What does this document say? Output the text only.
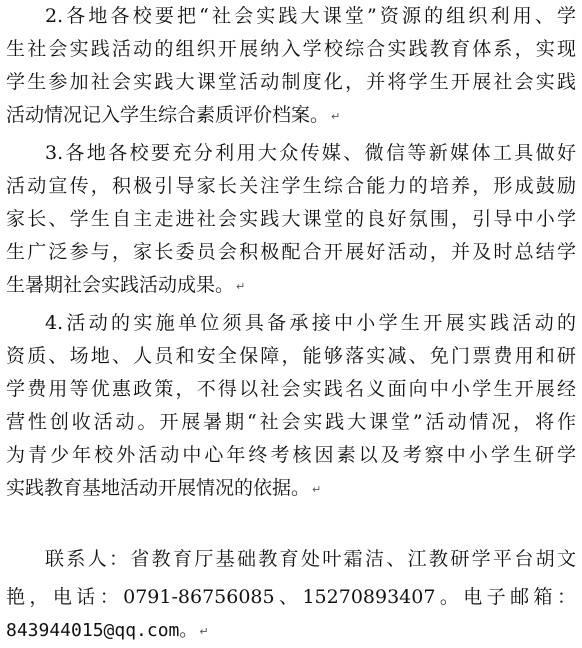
2.各地各校要把“社会实践大课堂”资源的组织利用、学
生社会实践活动的组织开展纳入学校综合实践教育体系，实现
学生参加社会实践大课堂活动制度化，并将学生开展社会实践
活动情况记入学生综合素质评价档案。 ↵
3.各地各校要充分利用大众传媒、微信等新媒体工具做好
活动宣传，积极引导家长关注学生综合能力的培养，形成鼓励
家长、学生自主走进社会实践大课堂的良好氛围，引导中小学
生广泛参与，家长委员会积极配合开展好活动，并及时总结学
生暑期社会实践活动成果。 ↵
4.活动的实施单位须具备承接中小学生开展实践活动的
资质、场地、人员和安全保障，能够落实减、免门票费用和研
学费用等优惠政策，不得以社会实践名义面向中小学生开展经
营性创收活动。开展暑期“社会实践大课堂”活动情况，将作
为青少年校外活动中心年终考核因素以及考察中小学生研学
实践教育基地活动开展情况的依据。 ↵
联系人：省教育厅基础教育处叶霜洁、江教研学平台胡文
艳，电话：0791-86756085、15270893407。电子邮箱：
843944015@qq.com。 ↵
